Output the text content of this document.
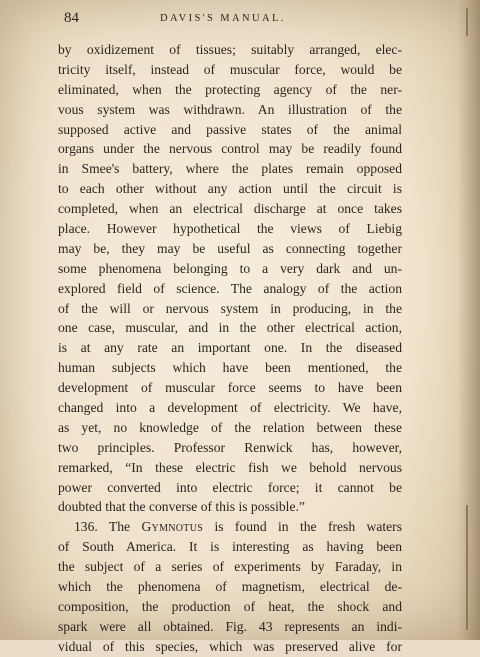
84	DAVIS'S MANUAL.
by oxidizement of tissues; suitably arranged, elec-
tricity itself, instead of muscular force, would be
eliminated, when the protecting agency of the ner-
vous system was withdrawn. An illustration of the
supposed active and passive states of the animal
organs under the nervous control may be readily found
in Smee's battery, where the plates remain opposed
to each other without any action until the circuit is
completed, when an electrical discharge at once takes
place. However hypothetical the views of Liebig
may be, they may be useful as connecting together
some phenomena belonging to a very dark and un-
explored field of science. The analogy of the action
of the will or nervous system in producing, in the
one case, muscular, and in the other electrical action,
is at any rate an important one. In the diseased
human subjects which have been mentioned, the
development of muscular force seems to have been
changed into a development of electricity. We have,
as yet, no knowledge of the relation between these
two principles. Professor Renwick has, however,
remarked, “In these electric fish we behold nervous
power converted into electric force; it cannot be
doubted that the converse of this is possible.”
136. The Gymnotus is found in the fresh waters
of South America. It is interesting as having been
the subject of a series of experiments by Faraday, in
which the phenomena of magnetism, electrical de-
composition, the production of heat, the shock and
spark were all obtained. Fig. 43 represents an indi-
vidual of this species, which was preserved alive for
